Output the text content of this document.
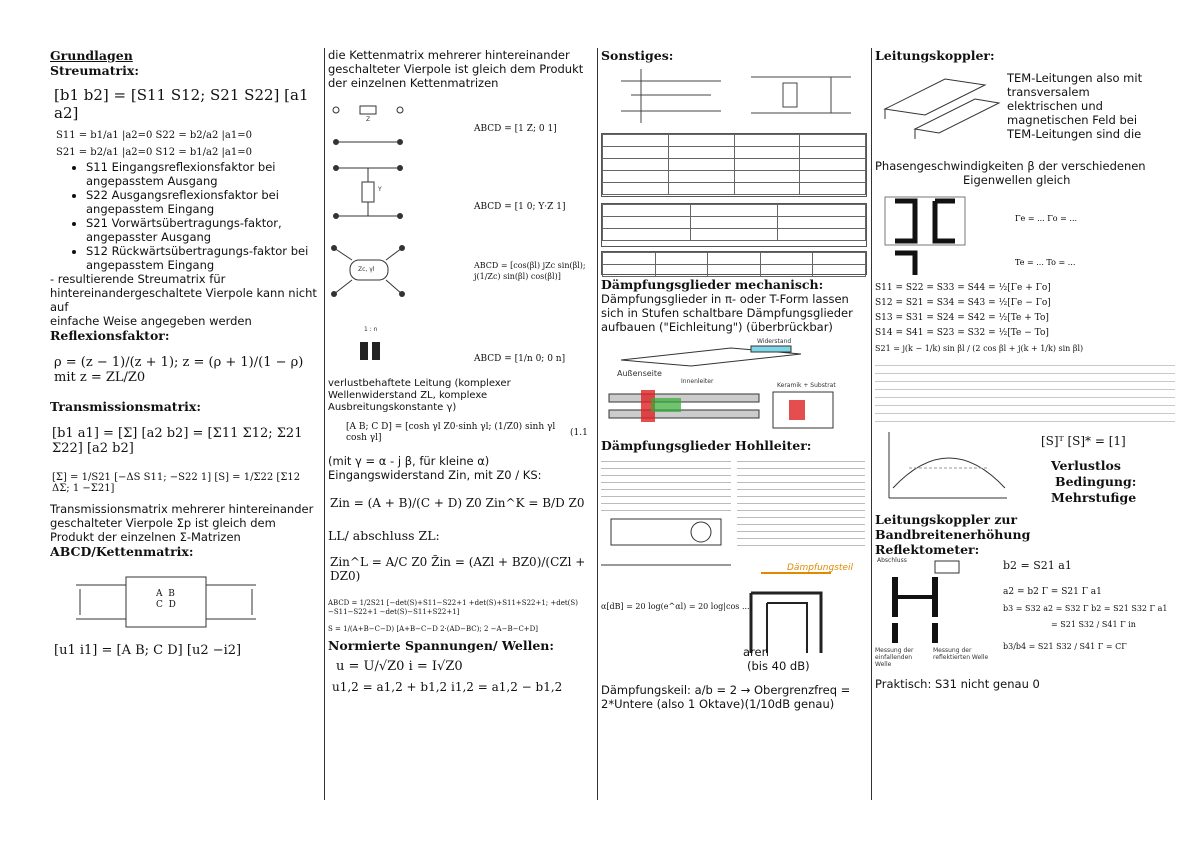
Grundlagen
Streumatrix:
[b1 b2] = [S11 S12; S21 S22] [a1 a2]
S11 = b1/a1 |a2=0 S22 = b2/a2 |a1=0
S21 = b2/a1 |a2=0 S12 = b1/a2 |a1=0
• S11 Eingangsreflexionsfaktor bei angepasstem Ausgang
• S22 Ausgangsreflexionsfaktor bei angepasstem Eingang
• S21 Vorwärtsübertragungs-faktor, angepasster Ausgang
• S12 Rückwärtsübertragungs-faktor bei angepasstem Eingang
- resultierende Streumatrix für hintereinandergeschaltete Vierpole kann nicht auf
einfache Weise angegeben werden
Reflexionsfaktor:
ρ = (z − 1)/(z + 1); z = (ρ + 1)/(1 − ρ) mit z = ZL/Z0
Transmissionsmatrix:
[b1 a1] = [Σ] [a2 b2] = [Σ11 Σ12; Σ21 Σ22] [a2 b2]
[Σ] = 1/S21 [−ΔS S11; −S22 1] [S] = 1/Σ22 [Σ12 ΔΣ; 1 −Σ21]
Transmissionsmatrix mehrerer hintereinander geschalteter Vierpole Σp ist gleich dem Produkt der einzelnen Σ-Matrizen
ABCD/Kettenmatrix:
A  B
C  D
[u1 i1] = [A B; C D] [u2 −i2]
die Kettenmatrix mehrerer hintereinander geschalteter Vierpole ist gleich dem Produkt der einzelnen Kettenmatrizen
Z
ABCD = [1 Z; 0 1]
Y
ABCD = [1 0; Y·Z 1]
Zc, γl	ABCD = [cos(βl) jZc sin(βl); j(1/Zc) sin(βl) cos(βl)]
1 : n
ABCD = [1/n 0; 0 n]
verlustbehaftete Leitung (komplexer Wellenwiderstand ZL, komplexe Ausbreitungskonstante γ)
[A B; C D] = [cosh γl Z0·sinh γl; (1/Z0) sinh γl cosh γl]	(1.1
(mit γ = α - j β, für kleine α)
Eingangswiderstand Zin, mit Z0 / KS:
Zin = (A + B)/(C + D) Z0 Zin^K = B/D Z0
LL/ abschluss ZL:
Zin^L = A/C Z0 Z̃in = (AZl + BZ0)/(CZl + DZ0)
ABCD = 1/2S21 [−det(S)+S11−S22+1 +det(S)+S11+S22+1; +det(S)−S11−S22+1 −det(S)−S11+S22+1]
S = 1/(A+B−C−D) [A+B−C−D 2·(AD−BC); 2 −A−B−C+D]
Normierte Spannungen/ Wellen:
u = U/√Z0 i = I√Z0
u1,2 = a1,2 + b1,2 i1,2 = a1,2 − b1,2
Sonstiges:

Dämpfungsglieder mechanisch:
Dämpfungsglieder in π- oder T-Form lassen sich in Stufen schaltbare Dämpfungsglieder aufbauen ("Eichleitung") (überbrückbar)
Außenseite
Innenleiter
Widerstand
Keramik + Substrat
Dämpfungsglieder Hohlleiter:
α[dB] = 20 log(e^αl) = 20 log|cos ...|
Dämpfungsteil
aren
(bis 40 dB)
Dämpfungskeil: a/b = 2 → Obergrenzfreq = 2*Untere (also 1 Oktave)(1/10dB genau)
Leitungskoppler:
TEM-Leitungen also mit transversalem elektrischen und magnetischen Feld bei TEM-Leitungen sind die
Phasengeschwindigkeiten β der verschiedenen
Eigenwellen gleich
Γe = ... Γo = ...
Te = ... To = ...
S11 = S22 = S33 = S44 = ½[Γe + Γo]
S12 = S21 = S34 = S43 = ½[Γe − Γo]
S13 = S31 = S24 = S42 = ½[Te + To]
S14 = S41 = S23 = S32 = ½[Te − To]
S21 = j(k − 1/k) sin βl / (2 cos βl + j(k + 1/k) sin βl)
[S]ᵀ [S]* = [1]
Verlustlos
Bedingung:
Mehrstufige
Leitungskoppler zur Bandbreitenerhöhung
Reflektometer:
Abschluss
Messung der einfallenden Welle
Messung der reflektierten Welle
b2 = S21 a1
a2 = b2 Γ = S21 Γ a1
b3 = S32 a2 = S32 Γ b2 = S21 S32 Γ a1
= S21 S32 / S41 Γ in
b3/b4 = S21 S32 / S41 Γ = CΓ
Praktisch: S31 nicht genau 0
